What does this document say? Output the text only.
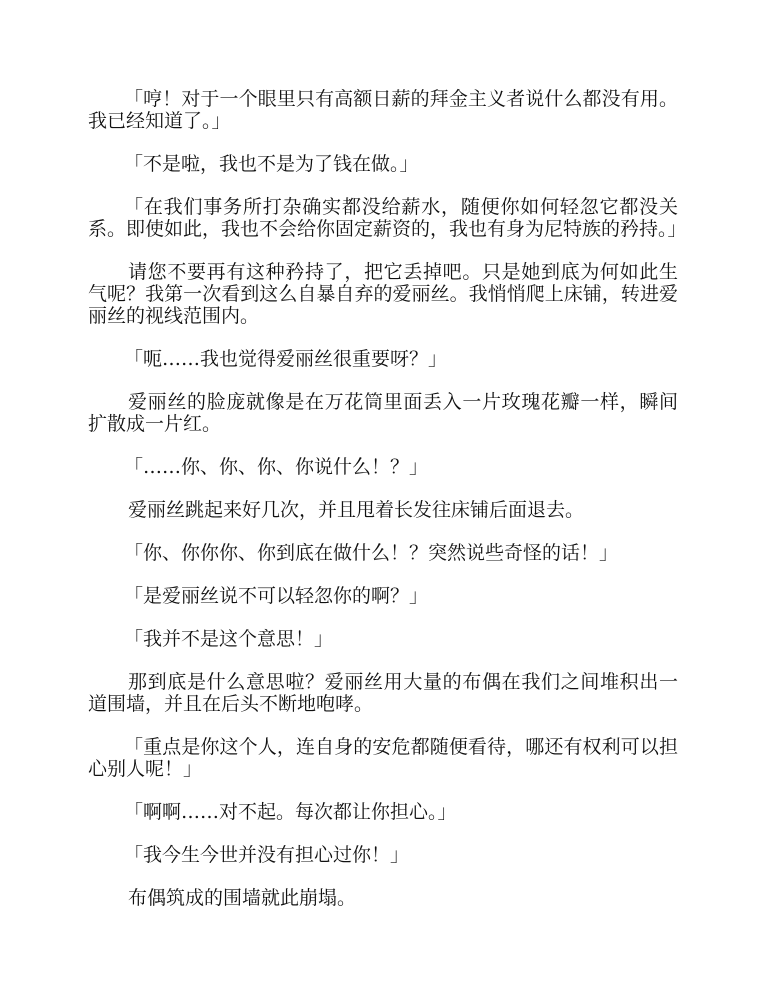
「哼！对于一个眼里只有高额日薪的拜金主义者说什么都没有用。我已经知道了。」

「不是啦，我也不是为了钱在做。」

「在我们事务所打杂确实都没给薪水，随便你如何轻忽它都没关系。即使如此，我也不会给你固定薪资的，我也有身为尼特族的矜持。」

请您不要再有这种矜持了，把它丢掉吧。只是她到底为何如此生气呢？我第一次看到这么自暴自弃的爱丽丝。我悄悄爬上床铺，转进爱丽丝的视线范围内。

「呃……我也觉得爱丽丝很重要呀？」

爱丽丝的脸庞就像是在万花筒里面丢入一片玫瑰花瓣一样，瞬间扩散成一片红。

「……你、你、你、你说什么！？」

爱丽丝跳起来好几次，并且甩着长发往床铺后面退去。

「你、你你你、你到底在做什么！？突然说些奇怪的话！」

「是爱丽丝说不可以轻忽你的啊？」

「我并不是这个意思！」

那到底是什么意思啦？爱丽丝用大量的布偶在我们之间堆积出一道围墙，并且在后头不断地咆哮。

「重点是你这个人，连自身的安危都随便看待，哪还有权利可以担心别人呢！」

「啊啊……对不起。每次都让你担心。」

「我今生今世并没有担心过你！」

布偶筑成的围墙就此崩塌。
